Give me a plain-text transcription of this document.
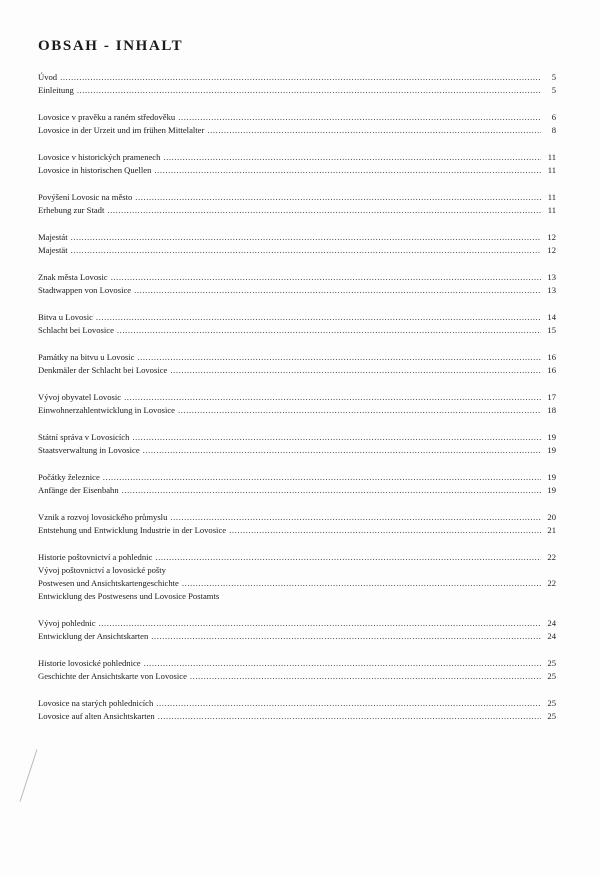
OBSAH - INHALT
Úvod .....	5
Einleitung .....	5
Lovosice v pravěku a raném středověku .....	6
Lovosice in der Urzeit und im frühen Mittelalter .....	8
Lovosice v historických pramenech .....	11
Lovosice in historischen Quellen .....	11
Povýšení Lovosic na město .....	11
Erhebung zur Stadt .....	11
Majestát .....	12
Majestät .....	12
Znak města Lovosic .....	13
Stadtwappen von Lovosice .....	13
Bitva u Lovosic .....	14
Schlacht bei Lovosice .....	15
Památky na bitvu u Lovosic .....	16
Denkmäler der Schlacht bei Lovosice .....	16
Vývoj obyvatel Lovosic .....	17
Einwohnerzahlentwicklung in Lovosice .....	18
Státní správa v Lovosicích .....	19
Staatsverwaltung in Lovosice .....	19
Počátky železnice .....	19
Anfänge der Eisenbahn .....	19
Vznik a rozvoj lovosického průmyslu .....	20
Entstehung und Entwicklung Industrie in der Lovosice .....	21
Historie poštovnictví a pohlednic .....	22
Vývoj poštovnictví a lovosické pošty
Postwesen und Ansichtskartengeschichte .....	22
Entwicklung des Postwesens und Lovosice Postamts
Vývoj pohlednic .....	24
Entwicklung der Ansichtskarten .....	24
Historie lovosické pohlednice .....	25
Geschichte der Ansichtskarte von Lovosice .....	25
Lovosice na starých pohlednicích .....	25
Lovosice auf alten Ansichtskarten .....	25
